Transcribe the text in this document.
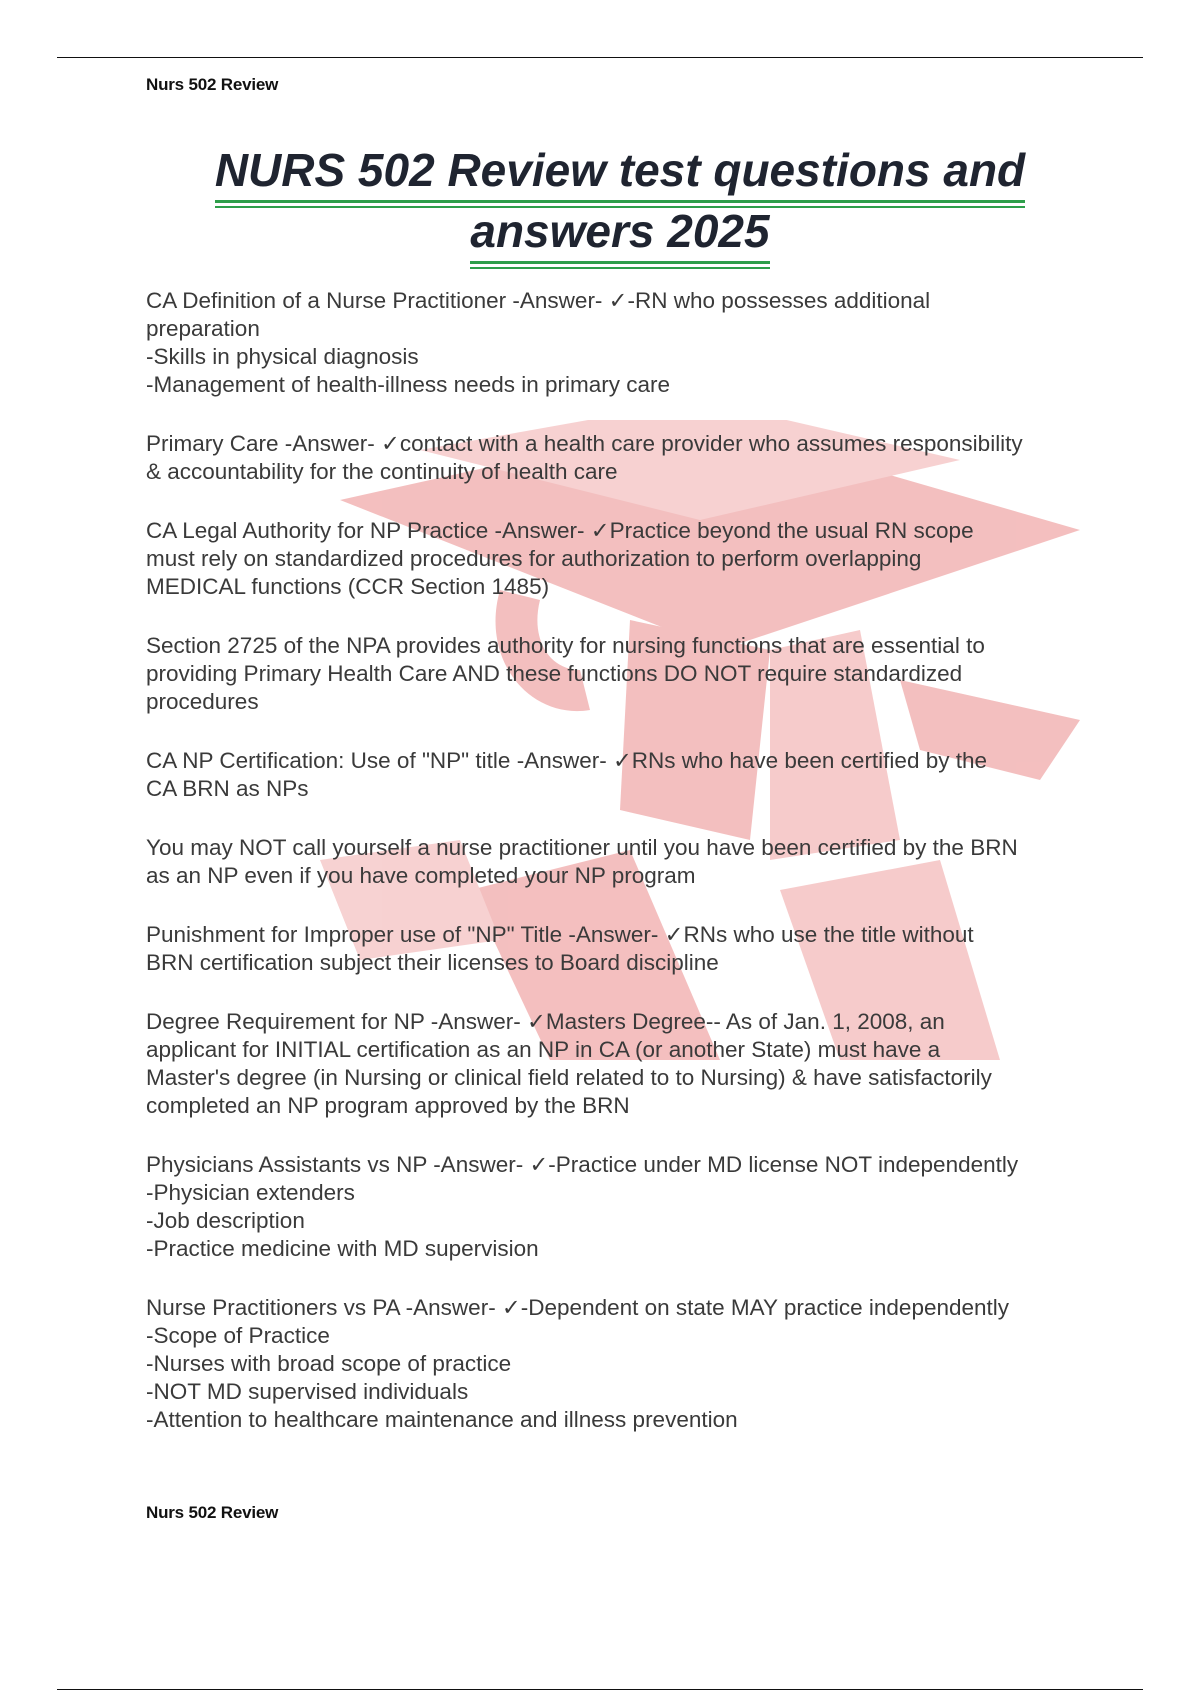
Nurs 502 Review
NURS 502 Review test questions and
answers 2025

CA Definition of a Nurse Practitioner -Answer- ✓-RN who possesses additional

preparation

-Skills in physical diagnosis

-Management of health-illness needs in primary care

Primary Care -Answer- ✓contact with a health care provider who assumes responsibility

& accountability for the continuity of health care

CA Legal Authority for NP Practice -Answer- ✓Practice beyond the usual RN scope

must rely on standardized procedures for authorization to perform overlapping

MEDICAL functions (CCR Section 1485)

Section 2725 of the NPA provides authority for nursing functions that are essential to

providing Primary Health Care AND these functions DO NOT require standardized

procedures

CA NP Certification: Use of "NP" title -Answer- ✓RNs who have been certified by the

CA BRN as NPs

You may NOT call yourself a nurse practitioner until you have been certified by the BRN

as an NP even if you have completed your NP program

Punishment for Improper use of "NP" Title -Answer- ✓RNs who use the title without

BRN certification subject their licenses to Board discipline

Degree Requirement for NP -Answer- ✓Masters Degree-- As of Jan. 1, 2008, an

applicant for INITIAL certification as an NP in CA (or another State) must have a

Master's degree (in Nursing or clinical field related to to Nursing) & have satisfactorily

completed an NP program approved by the BRN

Physicians Assistants vs NP -Answer- ✓-Practice under MD license NOT independently

-Physician extenders

-Job description

-Practice medicine with MD supervision

Nurse Practitioners vs PA -Answer- ✓-Dependent on state MAY practice independently

-Scope of Practice

-Nurses with broad scope of practice

-NOT MD supervised individuals

-Attention to healthcare maintenance and illness prevention

Nurs 502 Review
